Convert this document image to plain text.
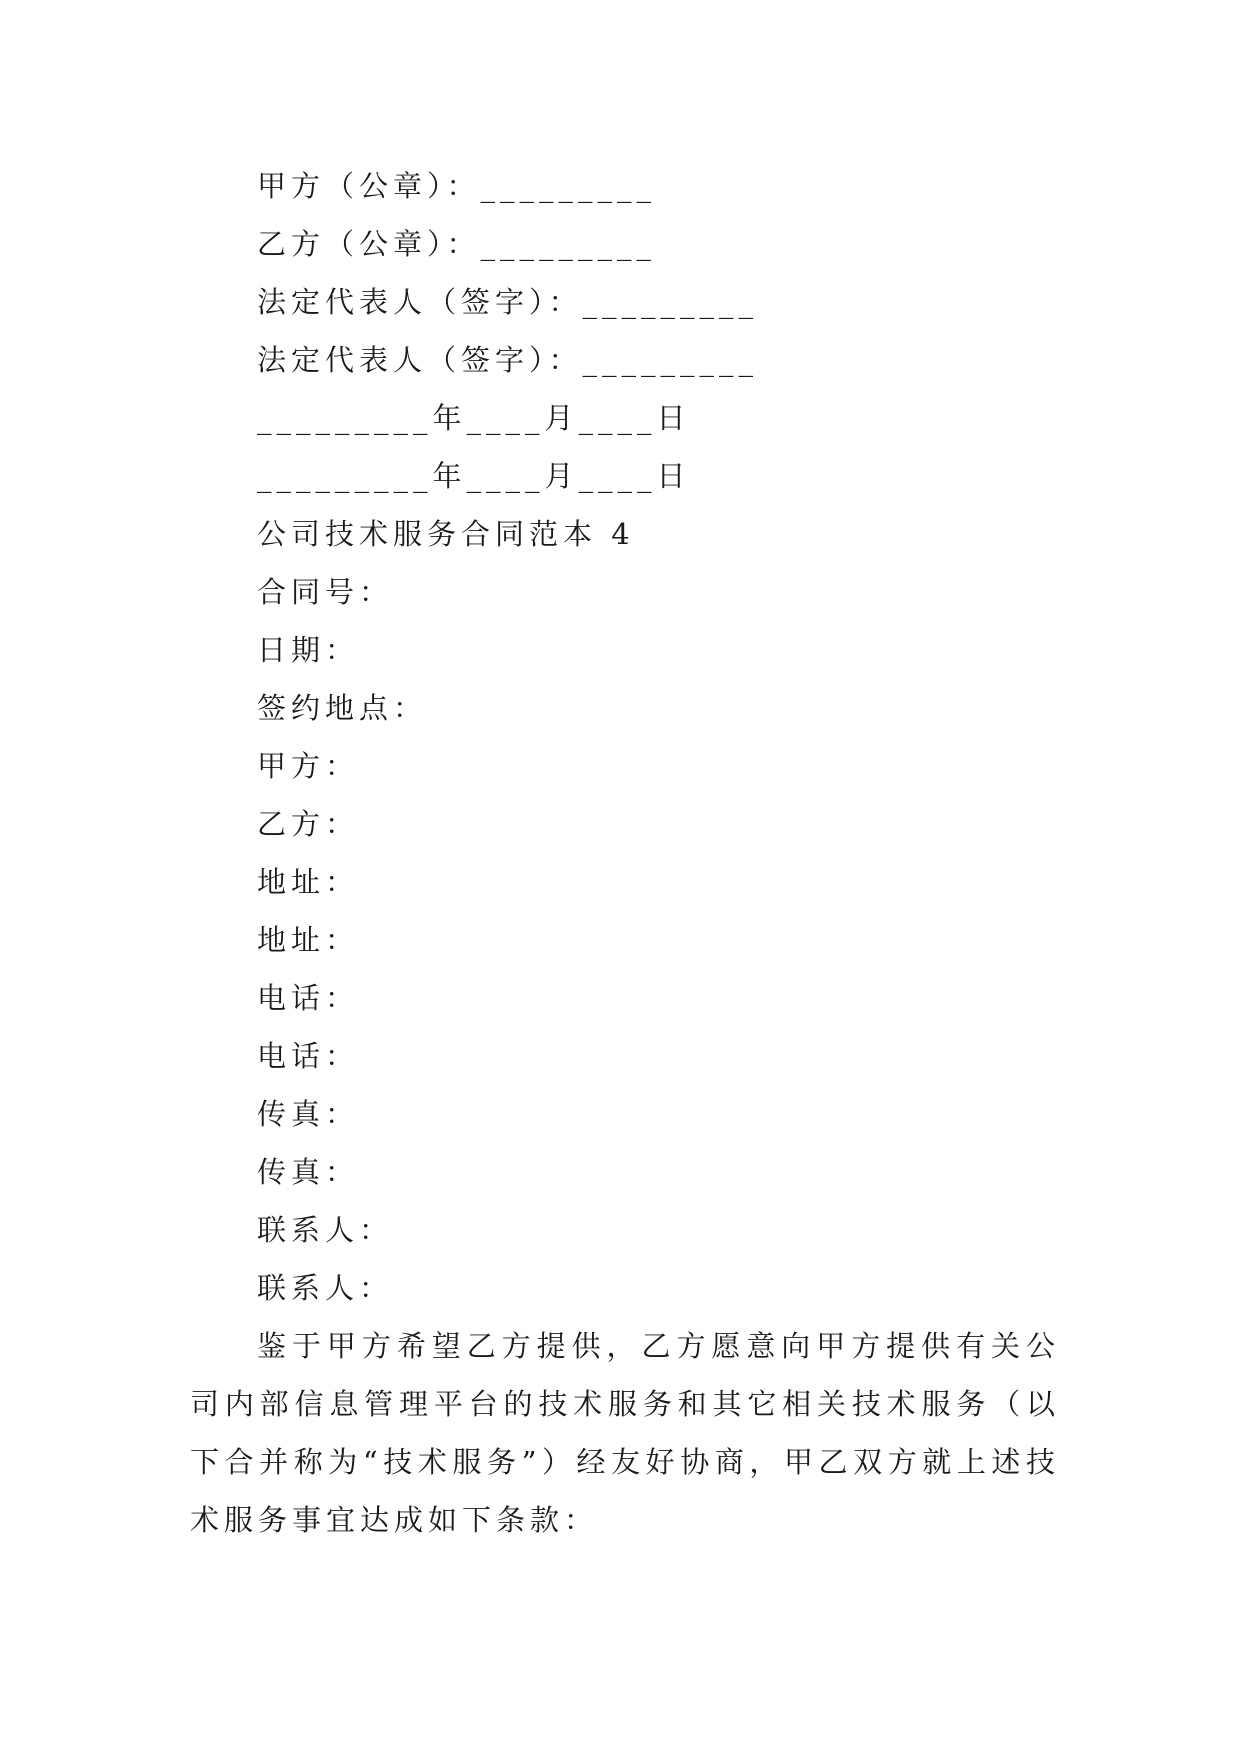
甲方（公章）：_________
乙方（公章）：_________
法定代表人（签字）：_________
法定代表人（签字）：_________
_________年____月____日
_________年____月____日
公司技术服务合同范本 4
合同号：
日期：
签约地点：
甲方：
乙方：
地址：
地址：
电话：
电话：
传真：
传真：
联系人：
联系人：
鉴于甲方希望乙方提供，乙方愿意向甲方提供有关公司内部信息管理平台的技术服务和其它相关技术服务（以下合并称为“技术服务”）经友好协商，甲乙双方就上述技术服务事宜达成如下条款：
